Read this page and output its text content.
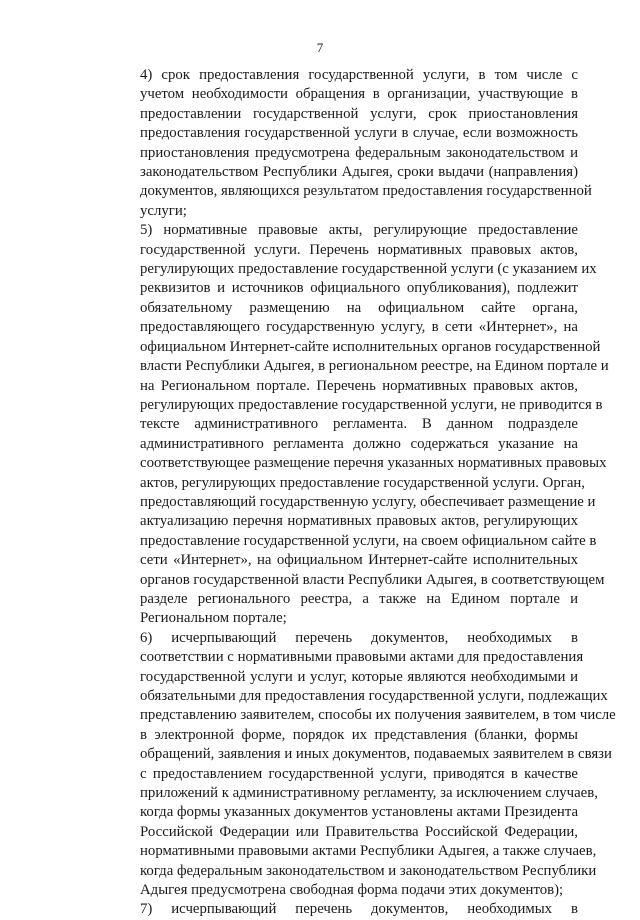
7

4) срок предоставления государственной услуги, в том числе с
учетом необходимости обращения в организации, участвующие в
предоставлении государственной услуги, срок приостановления
предоставления государственной услуги в случае, если возможность
приостановления предусмотрена федеральным законодательством и
законодательством Республики Адыгея, сроки выдачи (направления)
документов, являющихся результатом предоставления государственной
услуги;

5) нормативные правовые акты, регулирующие предоставление
государственной услуги. Перечень нормативных правовых актов,
регулирующих предоставление государственной услуги (с указанием их
реквизитов и источников официального опубликования), подлежит
обязательному размещению на официальном сайте органа,
предоставляющего государственную услугу, в сети «Интернет», на
официальном Интернет-сайте исполнительных органов государственной
власти Республики Адыгея, в региональном реестре, на Едином портале и
на Региональном портале. Перечень нормативных правовых актов,
регулирующих предоставление государственной услуги, не приводится в
тексте административного регламента. В данном подразделе
административного регламента должно содержаться указание на
соответствующее размещение перечня указанных нормативных правовых
актов, регулирующих предоставление государственной услуги. Орган,
предоставляющий государственную услугу, обеспечивает размещение и
актуализацию перечня нормативных правовых актов, регулирующих
предоставление государственной услуги, на своем официальном сайте в
сети «Интернет», на официальном Интернет-сайте исполнительных
органов государственной власти Республики Адыгея, в соответствующем
разделе регионального реестра, а также на Едином портале и
Региональном портале;

6) исчерпывающий перечень документов, необходимых в
соответствии с нормативными правовыми актами для предоставления
государственной услуги и услуг, которые являются необходимыми и
обязательными для предоставления государственной услуги, подлежащих
представлению заявителем, способы их получения заявителем, в том числе
в электронной форме, порядок их представления (бланки, формы
обращений, заявления и иных документов, подаваемых заявителем в связи
с предоставлением государственной услуги, приводятся в качестве
приложений к административному регламенту, за исключением случаев,
когда формы указанных документов установлены актами Президента
Российской Федерации или Правительства Российской Федерации,
нормативными правовыми актами Республики Адыгея, а также случаев,
когда федеральным законодательством и законодательством Республики
Адыгея предусмотрена свободная форма подачи этих документов);

7) исчерпывающий перечень документов, необходимых в
